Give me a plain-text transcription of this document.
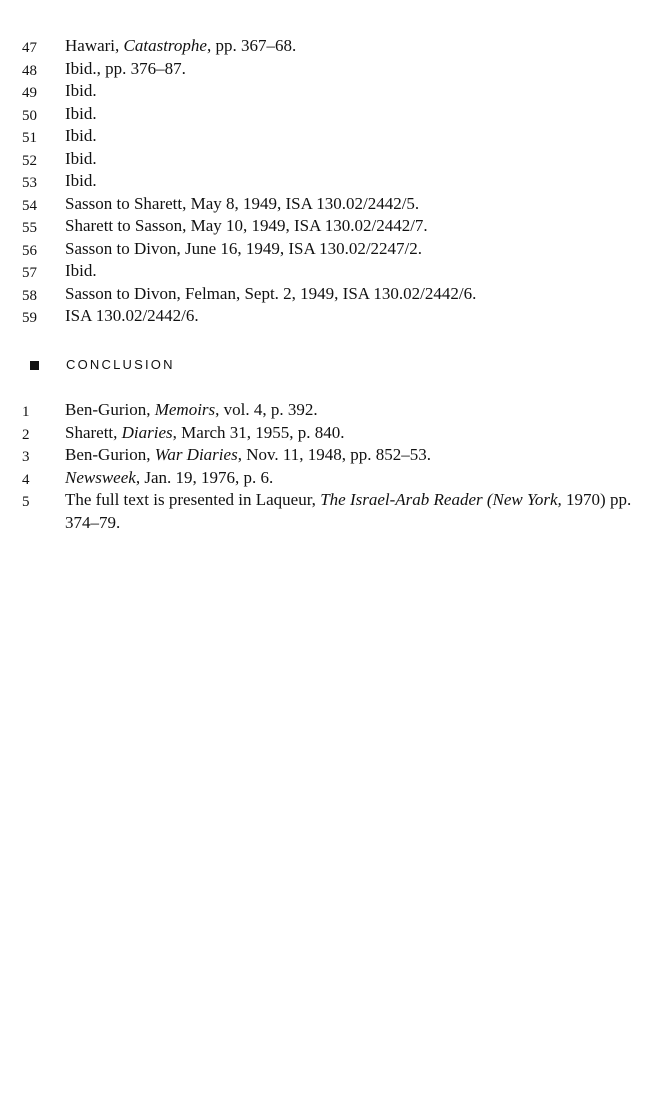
47	Hawari, Catastrophe, pp. 367–68.
48	Ibid., pp. 376–87.
49	Ibid.
50	Ibid.
51	Ibid.
52	Ibid.
53	Ibid.
54	Sasson to Sharett, May 8, 1949, ISA 130.02/2442/5.
55	Sharett to Sasson, May 10, 1949, ISA 130.02/2442/7.
56	Sasson to Divon, June 16, 1949, ISA 130.02/2247/2.
57	Ibid.
58	Sasson to Divon, Felman, Sept. 2, 1949, ISA 130.02/2442/6.
59	ISA 130.02/2442/6.
CONCLUSION
1	Ben-Gurion, Memoirs, vol. 4, p. 392.
2	Sharett, Diaries, March 31, 1955, p. 840.
3	Ben-Gurion, War Diaries, Nov. 11, 1948, pp. 852–53.
4	Newsweek, Jan. 19, 1976, p. 6.
5	The full text is presented in Laqueur, The Israel-Arab Reader (New York, 1970) pp. 374–79.
